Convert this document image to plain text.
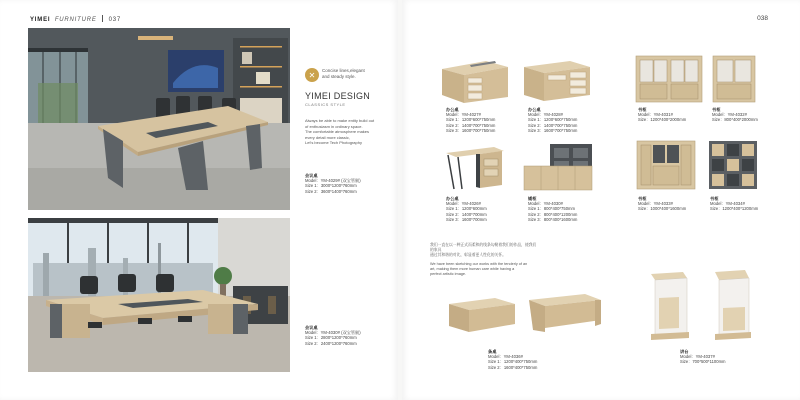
YIMEI FURNITURE 037
✕	Concise lines,elegant
and steady style.
YIMEI DESIGN
CLASSICS STYLE
Always be able to make entity build out
of enthusiasm in ordinary space.
The comfortable atmosphere makes
every detail more classic,
Let's become Tech Photography
会议桌
Model：YM-4029# (双宝管腿)
Size 1：3000*1200*760mm
Size 2：3600*1400*760mm
会议桌
Model：YM-4030# (双宝管腿)
Size 1：2800*1200*760mm
Size 2：2400*1200*760mm
038
办公桌
Model：YM-4027#
Size 1：1200*600*750mm
Size 2：1400*700*750mm
Size 3：1600*700*750mm
办公桌
Model：YM-4028#
Size 1：1200*600*750mm
Size 2：1400*700*750mm
Size 3：1600*700*750mm
书柜
Model：YM-4031#
Size：1200*400*2000mm
书柜
Model：YM-4032#
Size：800*400*2000mm
办公桌
Model：YM-4026#
Size 1：1200*600mm
Size 2：1400*700mm
Size 3：1600*700mm
矮柜
Model：YM-4030#
Size 1：800*400*750mm
Size 2：800*400*1200mm
Size 3：800*400*1600mm
书柜
Model：YM-4033#
Size：1000*400*1600mm
书柜
Model：YM-4034#
Size：1200*400*1200mm
我们一直在以一种正式而柔和的线条勾勒着我们的作品，使我们的家具
通过其和谐的对比，彰显着更人性化的关怀。
We have been sketching our works with the tenderly of an
art, making them more human care while having a
perfect artistic image.
条桌
Model：YM-4036#
Size 1：1200*400*750mm
Size 2：1600*400*750mm
讲台
Model：YM-4037#
Size：700*500*1100mm
